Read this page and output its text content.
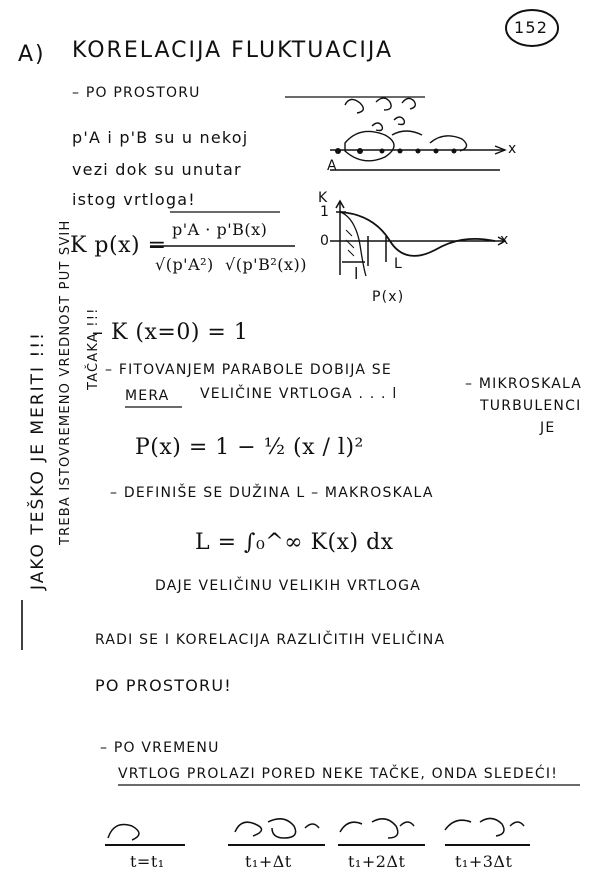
152
A) KORELACIJA FLUKTUACIJA
– PO PROSTORU
p'A i p'B su u nekoj
vezi dok su unutar
istog vrtloga!
K p(x) =
p'A · p'B(x)
√(p'A²) √(p'B²(x))
K
1
0	x
l L
P(x)
A
x
– K (x=0) = 1
– FITOVANJEM PARABOLE DOBIJA SE
MERA VELIČINE VRTLOGA . . . l
– MIKROSKALA
TURBULENCI
JE
P(x) = 1 − ½ (x / l)²
– DEFINIŠE SE DUŽINA L – MAKROSKALA
L = ∫₀^∞ K(x) dx
DAJE VELIČINU VELIKIH VRTLOGA
RADI SE I KORELACIJA RAZLIČITIH VELIČINA
PO PROSTORU!
– PO VREMENU
VRTLOG PROLAZI PORED NEKE TAČKE, ONDA SLEDEĆI!
t=t₁	t₁+Δt	t₁+2Δt	t₁+3Δt
JAKO TEŠKO JE MERITI !!! TREBA ISTOVREMENO VREDNOST PUT SVIH TAČAKA !!!
